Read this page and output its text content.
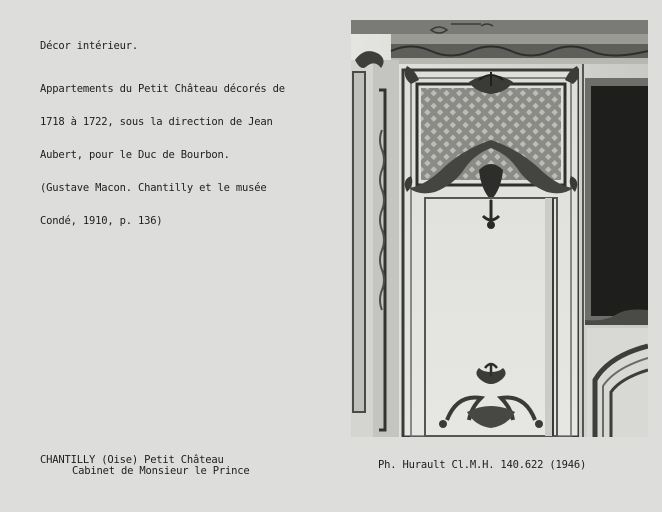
Décor intérieur.

Appartements du Petit Château décorés de

1718 à 1722, sous la direction de Jean

Aubert, pour le Duc de Bourbon.

(Gustave Macon. Chantilly et le musée

Condé, 1910, p. 136)

CHANTILLY (Oise) Petit Château
Cabinet de Monsieur le Prince	Ph. Hurault Cl.M.H. 140.622 (1946)
